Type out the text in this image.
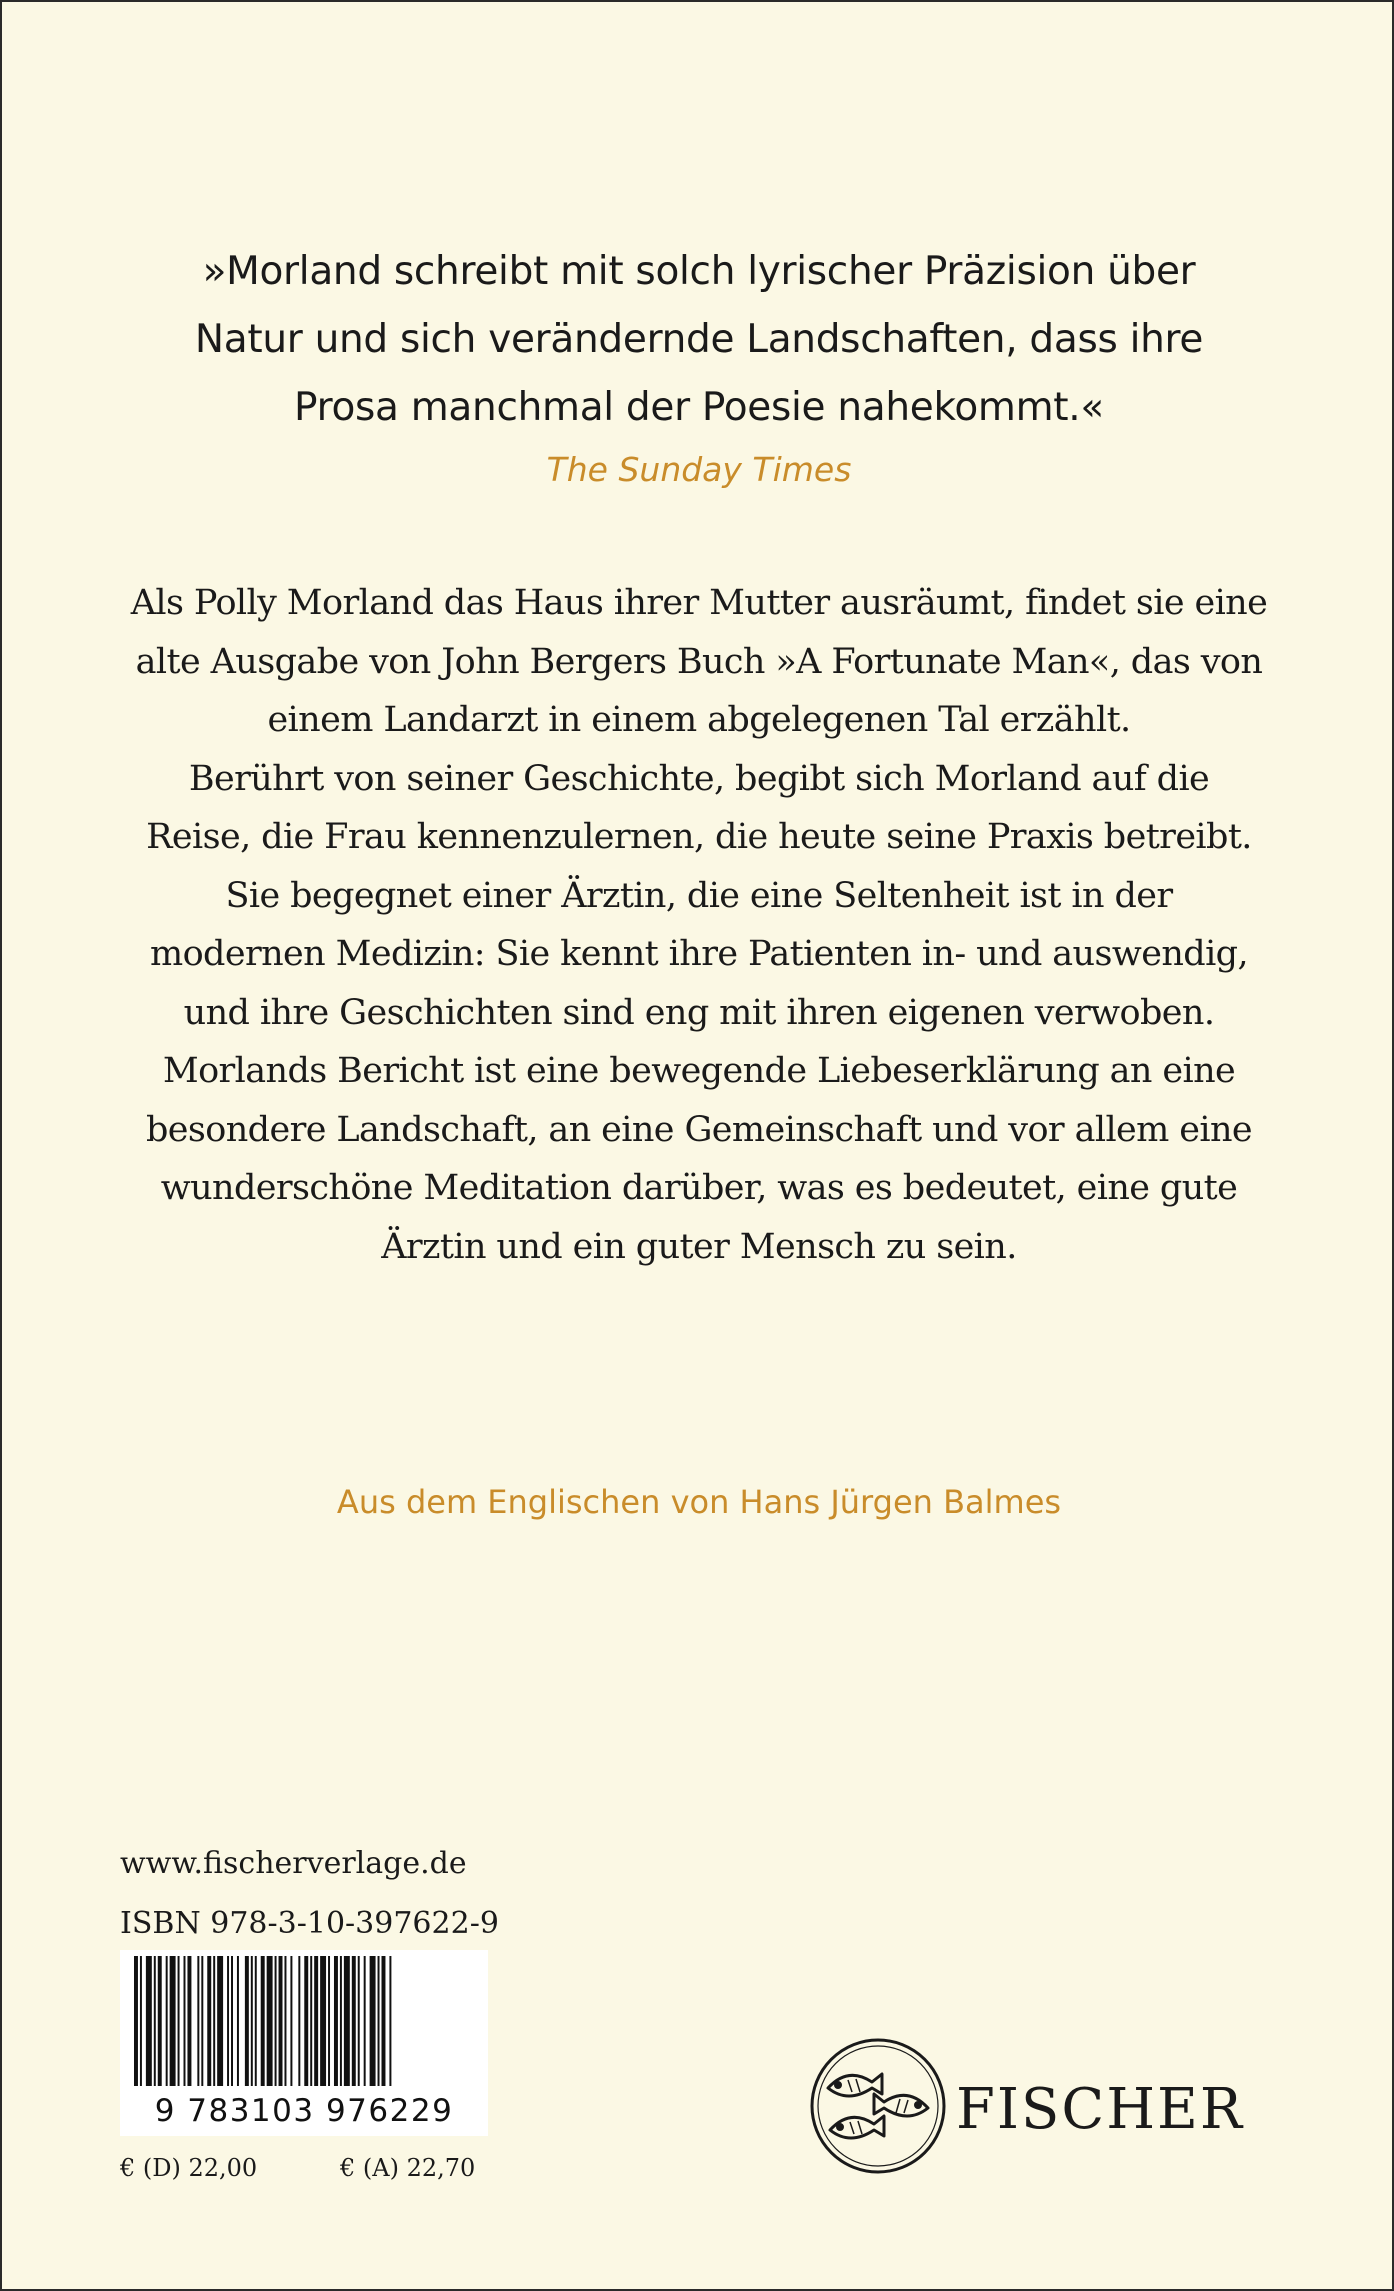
»Morland schreibt mit solch lyrischer Präzision über
Natur und sich verändernde Landschaften, dass ihre
Prosa manchmal der Poesie nahekommt.«
The Sunday Times
Als Polly Morland das Haus ihrer Mutter ausräumt, findet sie eine
alte Ausgabe von John Bergers Buch »A Fortunate Man«, das von
einem Landarzt in einem abgelegenen Tal erzählt.
Berührt von seiner Geschichte, begibt sich Morland auf die
Reise, die Frau kennenzulernen, die heute seine Praxis betreibt.
Sie begegnet einer Ärztin, die eine Seltenheit ist in der
modernen Medizin: Sie kennt ihre Patienten in- und auswendig,
und ihre Geschichten sind eng mit ihren eigenen verwoben.
Morlands Bericht ist eine bewegende Liebeserklärung an eine
besondere Landschaft, an eine Gemeinschaft und vor allem eine
wunderschöne Meditation darüber, was es bedeutet, eine gute
Ärztin und ein guter Mensch zu sein.
Aus dem Englischen von Hans Jürgen Balmes
www.fischerverlage.de
ISBN 978-3-10-397622-9
9 783103 976229
€ (D) 22,00	€ (A) 22,70
FISCHER
